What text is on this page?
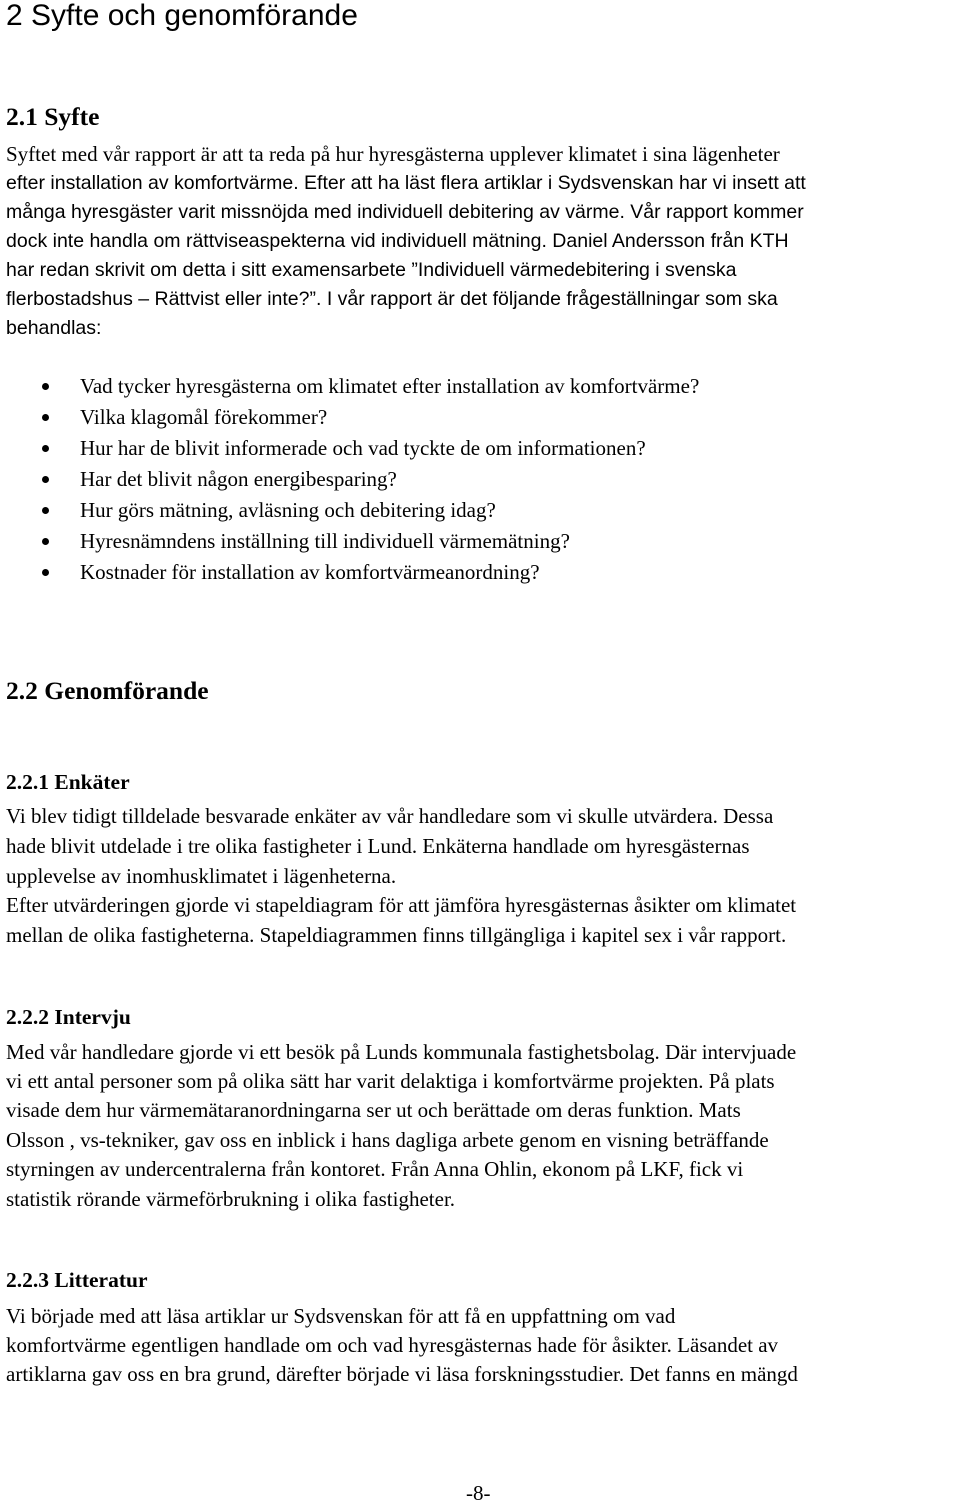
2 Syfte och genomförande
2.1 Syfte
Syftet med vår rapport är att ta reda på hur hyresgästerna upplever klimatet i sina lägenheter
efter installation av komfortvärme. Efter att ha läst flera artiklar i Sydsvenskan har vi insett att
många hyresgäster varit missnöjda med individuell debitering av värme. Vår rapport kommer
dock inte handla om rättviseaspekterna vid individuell mätning. Daniel Andersson från KTH
har redan skrivit om detta i sitt examensarbete ”Individuell värmedebitering i svenska
flerbostadshus – Rättvist eller inte?”. I vår rapport är det följande frågeställningar som ska
behandlas:
Vad tycker hyresgästerna om klimatet efter installation av komfortvärme?
Vilka klagomål förekommer?
Hur har de blivit informerade och vad tyckte de om informationen?
Har det blivit någon energibesparing?
Hur görs mätning, avläsning och debitering idag?
Hyresnämndens inställning till individuell värmemätning?
Kostnader för installation av komfortvärmeanordning?
2.2 Genomförande
2.2.1 Enkäter
Vi blev tidigt tilldelade besvarade enkäter av vår handledare som vi skulle utvärdera. Dessa
hade blivit utdelade i tre olika fastigheter i Lund. Enkäterna handlade om hyresgästernas
upplevelse av inomhusklimatet i lägenheterna.
Efter utvärderingen gjorde vi stapeldiagram för att jämföra hyresgästernas åsikter om klimatet
mellan de olika fastigheterna. Stapeldiagrammen finns tillgängliga i kapitel sex i vår rapport.
2.2.2 Intervju
Med vår handledare gjorde vi ett besök på Lunds kommunala fastighetsbolag. Där intervjuade
vi ett antal personer som på olika sätt har varit delaktiga i komfortvärme projekten. På plats
visade dem hur värmemätaranordningarna ser ut och berättade om deras funktion. Mats
Olsson , vs-tekniker, gav oss en inblick i hans dagliga arbete genom en visning beträffande
styrningen av undercentralerna från kontoret. Från Anna Ohlin, ekonom på LKF, fick vi
statistik rörande värmeförbrukning i olika fastigheter.
2.2.3 Litteratur
Vi började med att läsa artiklar ur Sydsvenskan för att få en uppfattning om vad
komfortvärme egentligen handlade om och vad hyresgästernas hade för åsikter. Läsandet av
artiklarna gav oss en bra grund, därefter började vi läsa forskningsstudier. Det fanns en mängd
-8-
